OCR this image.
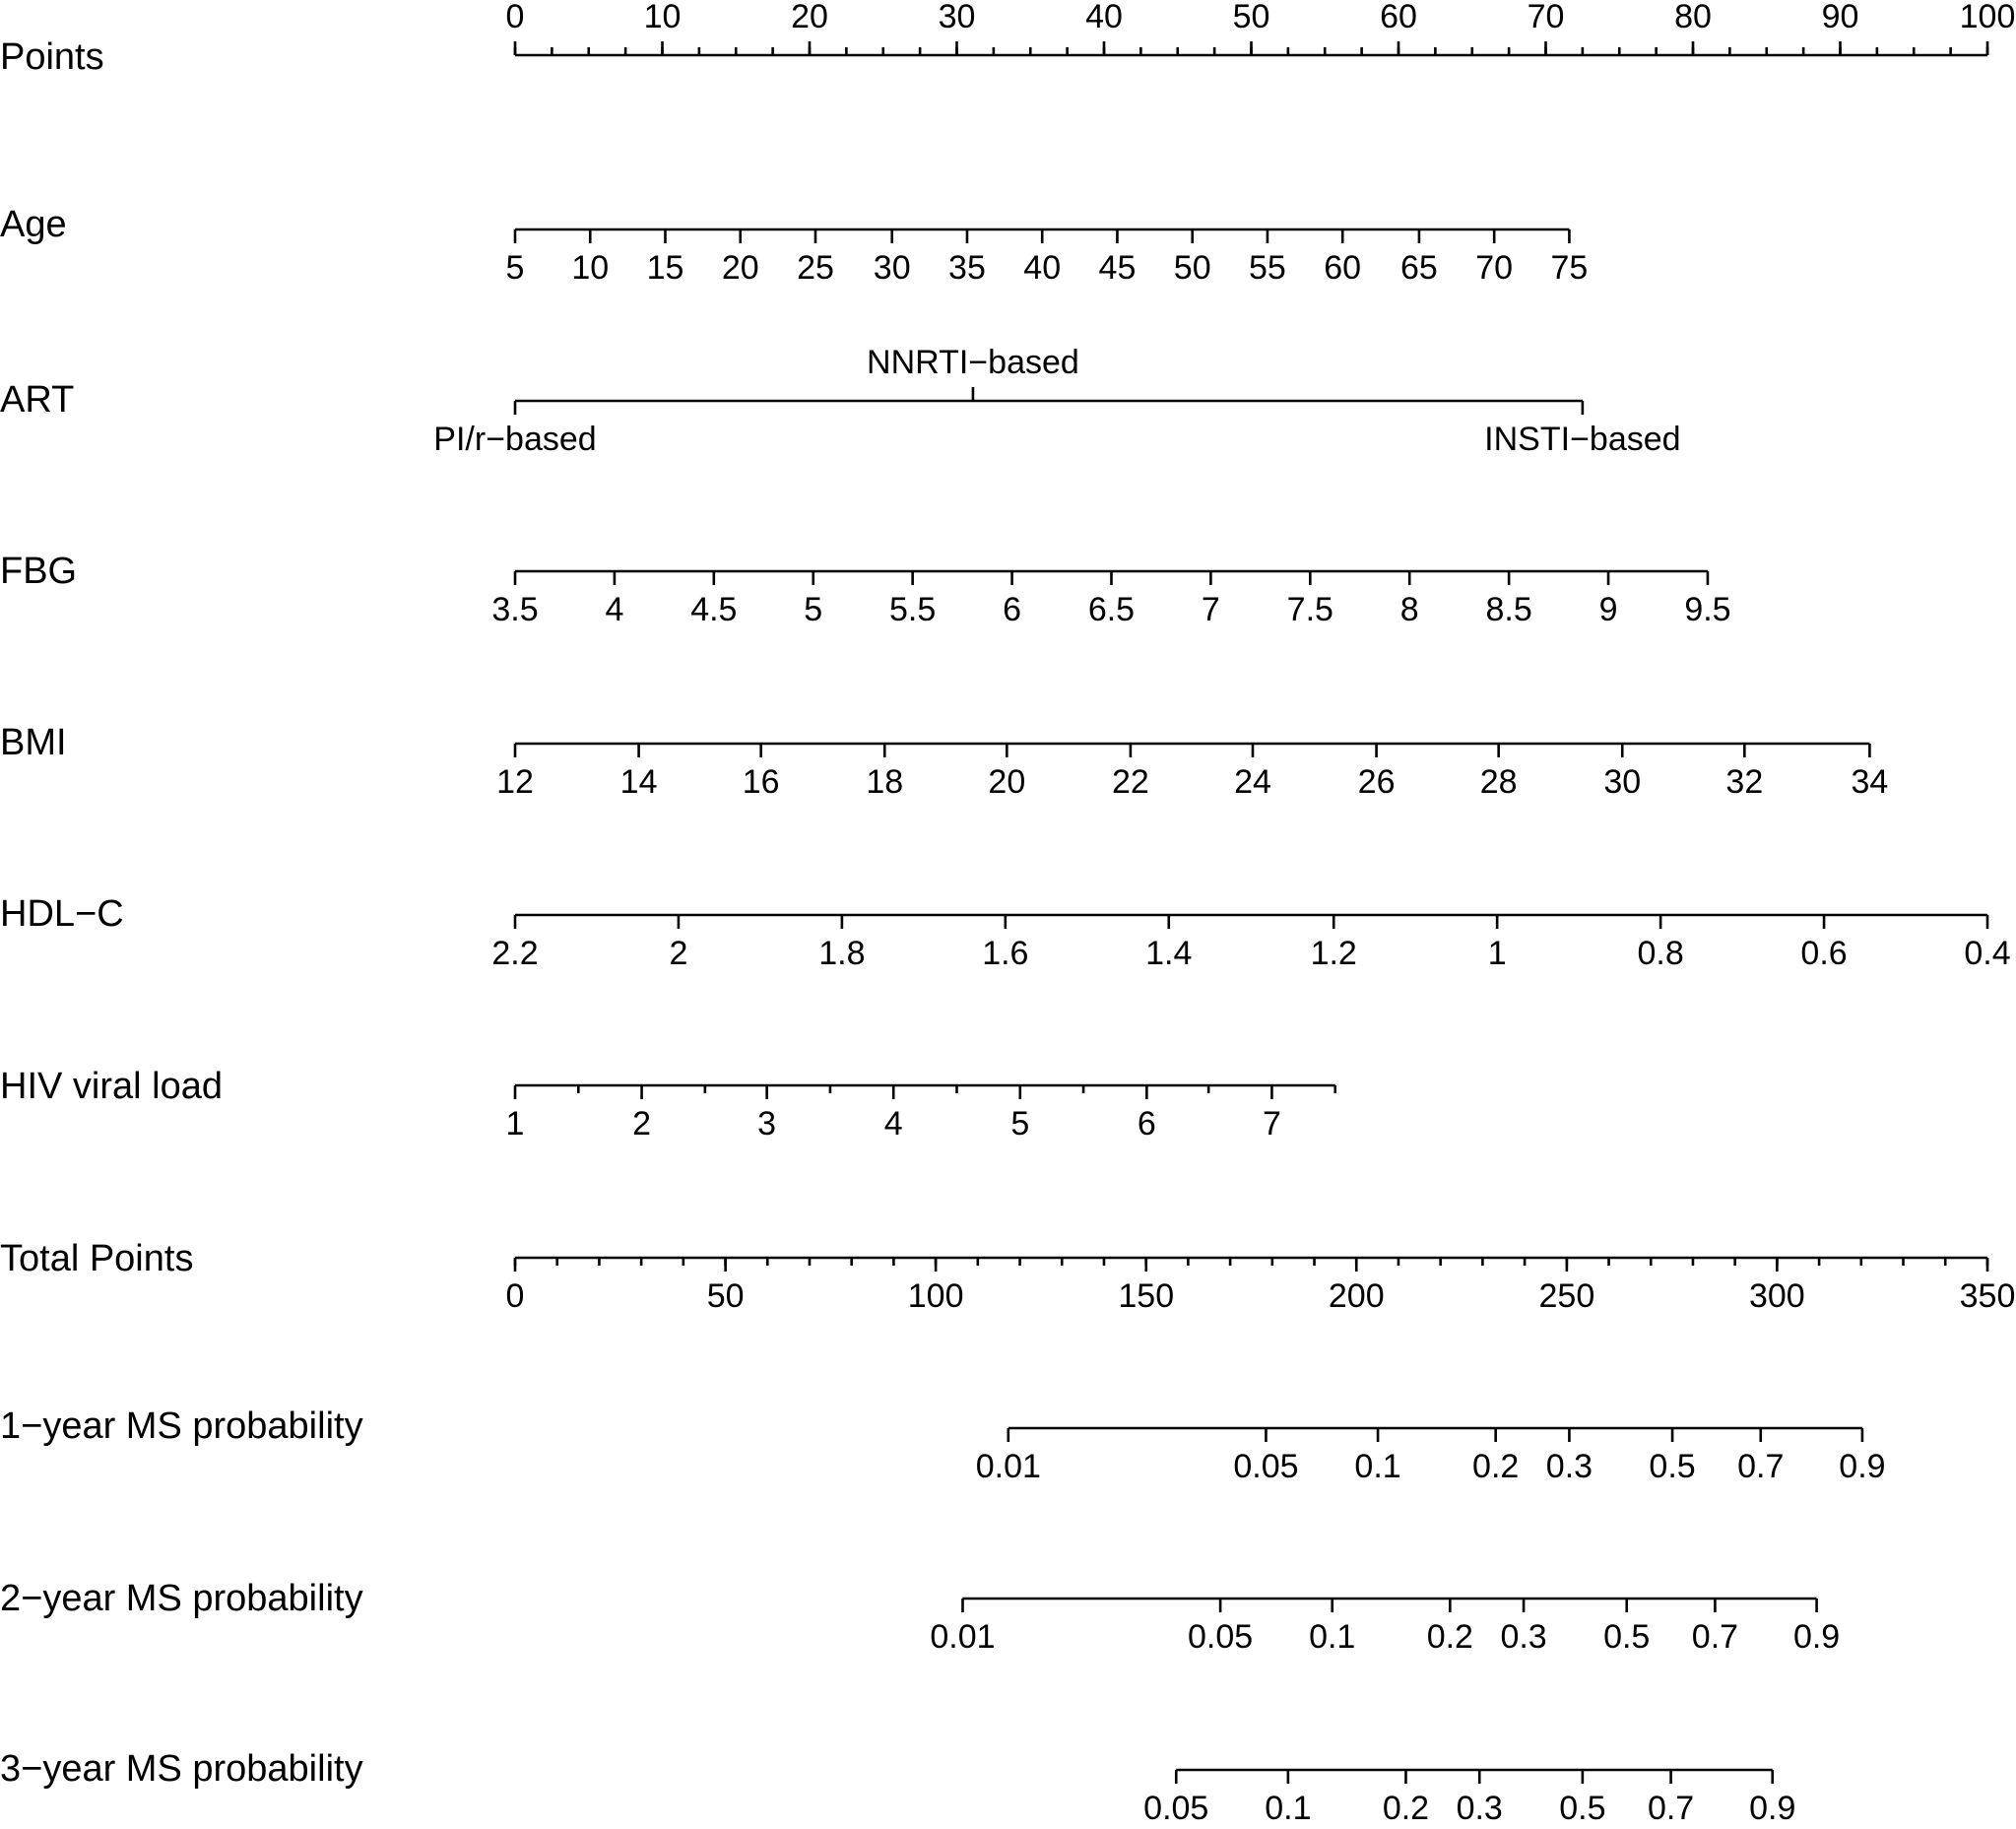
Points
0	10	20	30	40	50	60	70	80	90	100
Age
5 10 15 20 25 30 35 40 45 50 55 60 65 70 75
ART
PI/r−based
NNRTI−based
INSTI−based
FBG
3.5 4 4.5 5 5.5 6 6.5 7 7.5 8 8.5 9 9.5
BMI
12	14	16	18	20	22	24	26	28	30	32	34
HDL−C
2.2	2	1.8	1.6	1.4	1.2	1	0.8	0.6	0.4
HIV viral load
1	2	3	4	5	6	7
Total Points
0	50	100	150	200	250	300	350
1−year MS probability
0.01	0.05 0.1 0.2 0.3 0.5 0.7 0.9
2−year MS probability
0.01	0.05 0.1 0.2 0.3 0.5 0.7 0.9
3−year MS probability
0.05 0.1 0.2 0.3 0.5 0.7 0.9
